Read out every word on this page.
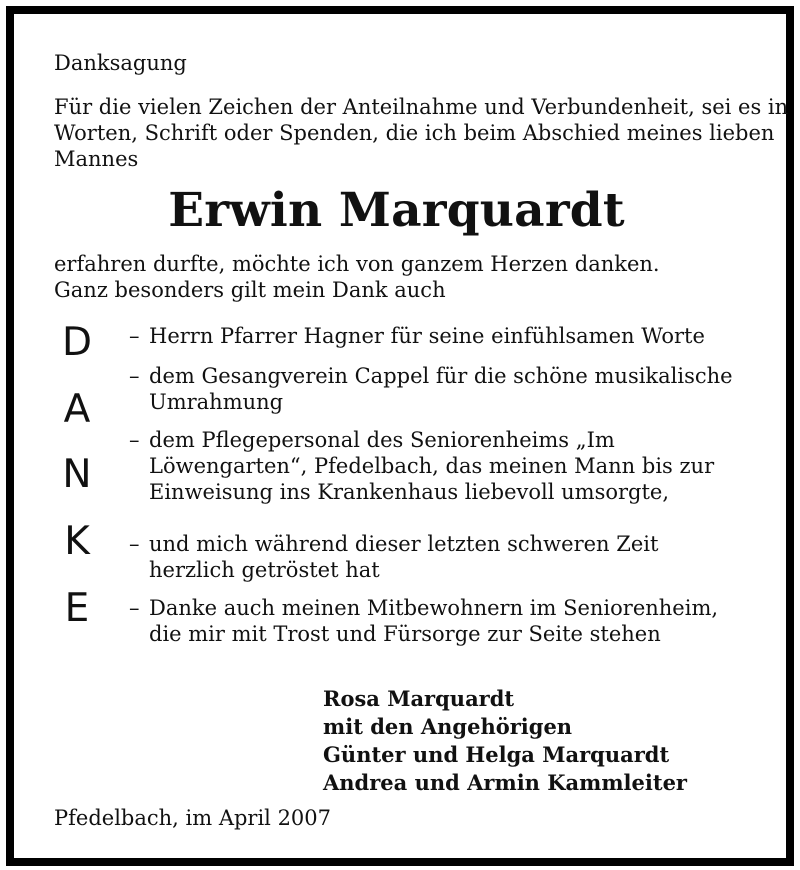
Danksagung
Für die vielen Zeichen der Anteilnahme und Verbundenheit, sei es in
Worten, Schrift oder Spenden, die ich beim Abschied meines lieben
Mannes
Erwin Marquardt
erfahren durfte, möchte ich von ganzem Herzen danken.
Ganz besonders gilt mein Dank auch
D
A
N
K
E
– Herrn Pfarrer Hagner für seine einfühlsamen Worte
– dem Gesangverein Cappel für die schöne musikalische
Umrahmung
– dem Pflegepersonal des Seniorenheims „Im
Löwengarten“, Pfedelbach, das meinen Mann bis zur
Einweisung ins Krankenhaus liebevoll umsorgte,
– und mich während dieser letzten schweren Zeit
herzlich getröstet hat
– Danke auch meinen Mitbewohnern im Seniorenheim,
die mir mit Trost und Fürsorge zur Seite stehen
Rosa Marquardt
mit den Angehörigen
Günter und Helga Marquardt
Andrea und Armin Kammleiter
Pfedelbach, im April 2007
